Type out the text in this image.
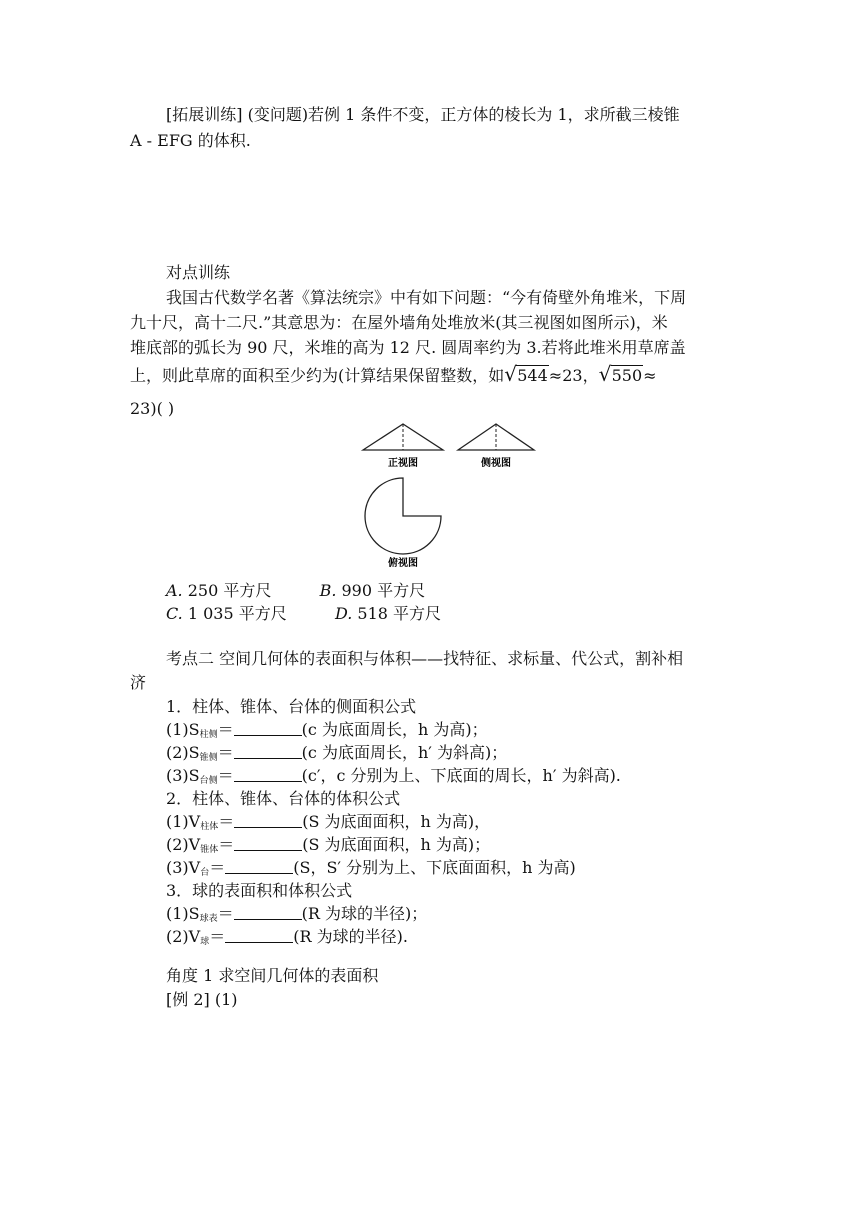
[拓展训练] (变问题)若例 1 条件不变，正方体的棱长为 1，求所截三棱锥
A - EFG 的体积.
对点训练
我国古代数学名著《算法统宗》中有如下问题：“今有倚壁外角堆米，下周
九十尺，高十二尺.”其意思为：在屋外墙角处堆放米(其三视图如图所示)，米
堆底部的弧长为 90 尺，米堆的高为 12 尺. 圆周率约为 3.若将此堆米用草席盖
上，则此草席的面积至少约为(计算结果保留整数，如 √ 544≈23， √ 550≈
23)( )
正视图	侧视图
俯视图
A. 250 平方尺	B. 990 平方尺
C. 1 035 平方尺	D. 518 平方尺
考点二 空间几何体的表面积与体积——找特征、求标量、代公式，割补相
济
1．柱体、锥体、台体的侧面积公式
$(1)S_{柱侧}=$	(c 为底面周长，h 为高)；
$(2)S_{锥侧}=$	(c 为底面周长，h′ 为斜高)；
$(3)S_{台侧}=$	(c′，c 分别为上、下底面的周长，h′ 为斜高).
2．柱体、锥体、台体的体积公式
$(1)V_{柱体}=$	(S 为底面面积，h 为高)，
$(2)V_{锥体}=$	(S 为底面面积，h 为高)；
$(3)V_台=$	(S，S′ 分别为上、下底面面积，h 为高)
3．球的表面积和体积公式
$(1)S_{球表}=$	(R 为球的半径)；
$(2)V_球=$	(R 为球的半径).
角度 1 求空间几何体的表面积
[例 2] (1)
